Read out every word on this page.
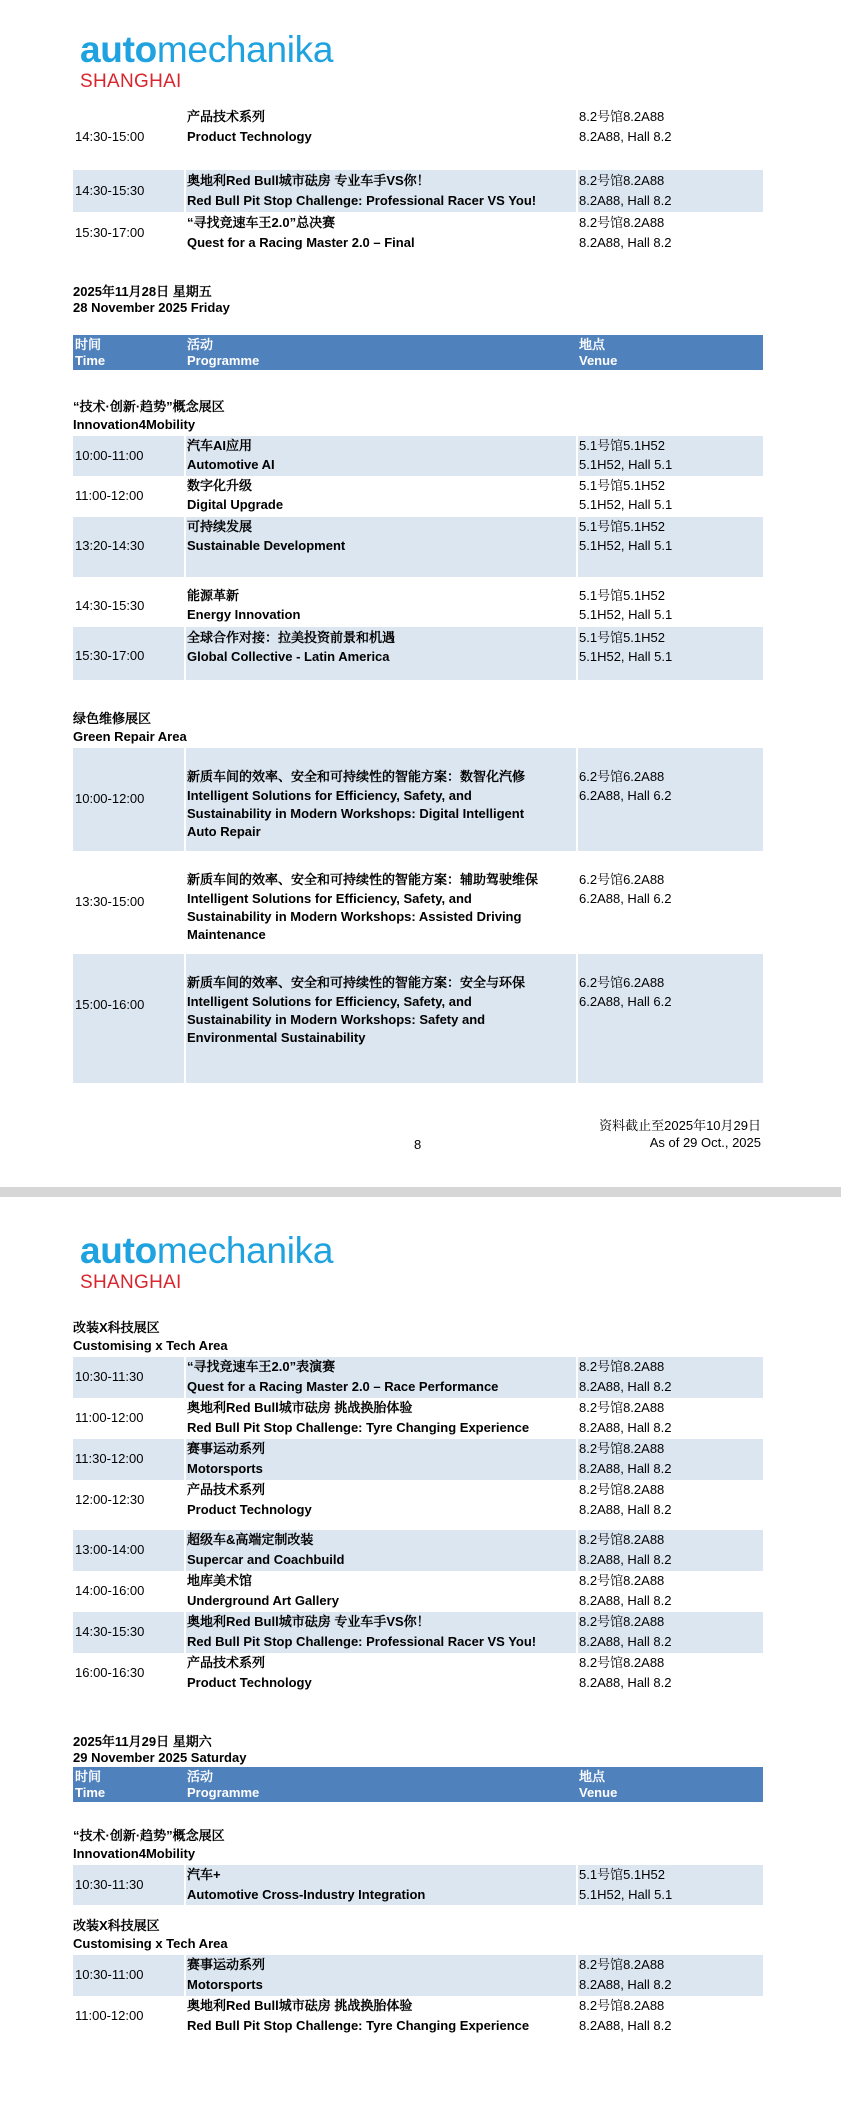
automechanika
SHANGHAI
产品技术系列
14:30-15:00	Product Technology
8.2号馆8.2A88
8.2A88, Hall 8.2
14:30-15:30
奥地利Red Bull城市砝房 专业车手VS你！
Red Bull Pit Stop Challenge: Professional Racer VS You!
8.2号馆8.2A88
8.2A88, Hall 8.2
15:30-17:00
“寻找竞速车王2.0”总决赛
Quest for a Racing Master 2.0 – Final
8.2号馆8.2A88
8.2A88, Hall 8.2
2025年11月28日 星期五
28 November 2025 Friday
时间
Time
活动
Programme
地点
Venue
“技术·创新·趋势”概念展区
Innovation4Mobility
10:00-11:00
汽车AI应用
Automotive AI
5.1号馆5.1H52
5.1H52, Hall 5.1
11:00-12:00
数字化升级
Digital Upgrade
5.1号馆5.1H52
5.1H52, Hall 5.1
13:20-14:30
可持续发展
Sustainable Development
5.1号馆5.1H52
5.1H52, Hall 5.1
14:30-15:30
能源革新
Energy Innovation
5.1号馆5.1H52
5.1H52, Hall 5.1
15:30-17:00
全球合作对接：拉美投资前景和机遇
Global Collective - Latin America
5.1号馆5.1H52
5.1H52, Hall 5.1
绿色维修展区
Green Repair Area
10:00-12:00
新质车间的效率、安全和可持续性的智能方案：数智化汽修
Intelligent Solutions for Efficiency, Safety, and
Sustainability in Modern Workshops: Digital Intelligent
Auto Repair
6.2号馆6.2A88
6.2A88, Hall 6.2
13:30-15:00
新质车间的效率、安全和可持续性的智能方案：辅助驾驶维保
Intelligent Solutions for Efficiency, Safety, and
Sustainability in Modern Workshops: Assisted Driving
Maintenance
6.2号馆6.2A88
6.2A88, Hall 6.2
15:00-16:00
新质车间的效率、安全和可持续性的智能方案：安全与环保
Intelligent Solutions for Efficiency, Safety, and
Sustainability in Modern Workshops: Safety and
Environmental Sustainability
6.2号馆6.2A88
6.2A88, Hall 6.2
8
资料截止至2025年10月29日
As of 29 Oct., 2025
automechanika
SHANGHAI
改装X科技展区
Customising x Tech Area
10:30-11:30
“寻找竞速车王2.0”表演赛
Quest for a Racing Master 2.0 – Race Performance
8.2号馆8.2A88
8.2A88, Hall 8.2
11:00-12:00
奥地利Red Bull城市砝房 挑战换胎体验
Red Bull Pit Stop Challenge: Tyre Changing Experience
8.2号馆8.2A88
8.2A88, Hall 8.2
11:30-12:00
赛事运动系列
Motorsports
8.2号馆8.2A88
8.2A88, Hall 8.2
12:00-12:30
产品技术系列
Product Technology
8.2号馆8.2A88
8.2A88, Hall 8.2
13:00-14:00
超级车&高端定制改装
Supercar and Coachbuild
8.2号馆8.2A88
8.2A88, Hall 8.2
14:00-16:00
地库美术馆
Underground Art Gallery
8.2号馆8.2A88
8.2A88, Hall 8.2
14:30-15:30
奥地利Red Bull城市砝房 专业车手VS你！
Red Bull Pit Stop Challenge: Professional Racer VS You!
8.2号馆8.2A88
8.2A88, Hall 8.2
16:00-16:30
产品技术系列
Product Technology
8.2号馆8.2A88
8.2A88, Hall 8.2
2025年11月29日 星期六
29 November 2025 Saturday
时间
Time
活动
Programme
地点
Venue
“技术·创新·趋势”概念展区
Innovation4Mobility
10:30-11:30
汽车+
Automotive Cross-Industry Integration
5.1号馆5.1H52
5.1H52, Hall 5.1
改装X科技展区
Customising x Tech Area
10:30-11:00
赛事运动系列
Motorsports
8.2号馆8.2A88
8.2A88, Hall 8.2
11:00-12:00
奥地利Red Bull城市砝房 挑战换胎体验
Red Bull Pit Stop Challenge: Tyre Changing Experience
8.2号馆8.2A88
8.2A88, Hall 8.2
